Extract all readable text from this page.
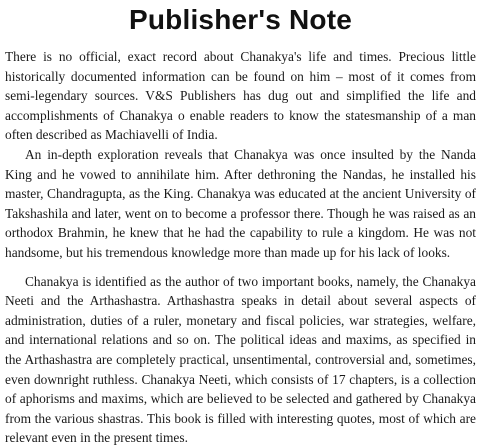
Publisher's Note

There is no official, exact record about Chanakya's life and times. Precious little historically documented information can be found on him – most of it comes from semi-legendary sources. V&S Publishers has dug out and simplified the life and accomplishments of Chanakya o enable readers to know the statesmanship of a man often described as Machiavelli of India.

An in-depth exploration reveals that Chanakya was once insulted by the Nanda King and he vowed to annihilate him. After dethroning the Nandas, he installed his master, Chandragupta, as the King. Chanakya was educated at the ancient University of Takshashila and later, went on to become a professor there. Though he was raised as an orthodox Brahmin, he knew that he had the capability to rule a kingdom. He was not handsome, but his tremendous knowledge more than made up for his lack of looks.

Chanakya is identified as the author of two important books, namely, the Chanakya Neeti and the Arthashastra. Arthashastra speaks in detail about several aspects of administration, duties of a ruler, monetary and fiscal policies, war strategies, welfare, and international relations and so on. The political ideas and maxims, as specified in the Arthashastra are completely practical, unsentimental, controversial and, sometimes, even downright ruthless. Chanakya Neeti, which consists of 17 chapters, is a collection of aphorisms and maxims, which are believed to be selected and gathered by Chanakya from the various shastras. This book is filled with interesting quotes, most of which are relevant even in the present times.
